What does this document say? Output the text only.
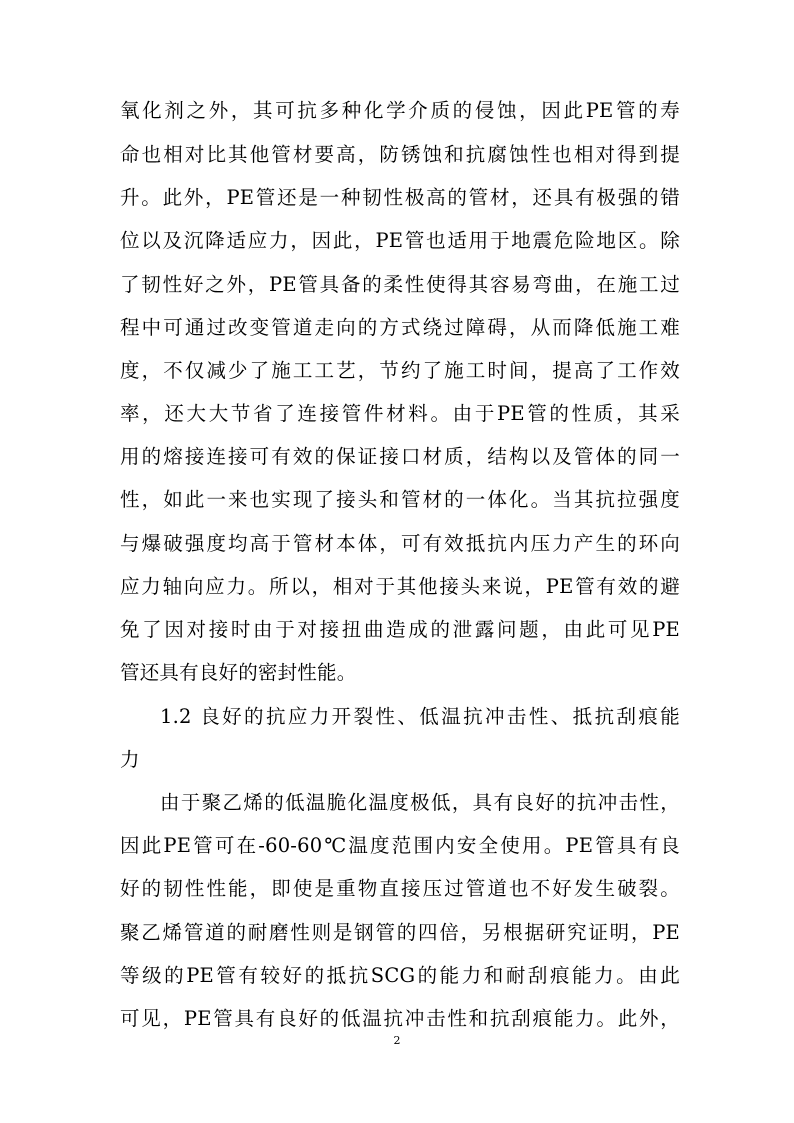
氧化剂之外，其可抗多种化学介质的侵蚀，因此PE管的寿
命也相对比其他管材要高，防锈蚀和抗腐蚀性也相对得到提
升。此外，PE管还是一种韧性极高的管材，还具有极强的错
位以及沉降适应力，因此，PE管也适用于地震危险地区。除
了韧性好之外，PE管具备的柔性使得其容易弯曲，在施工过
程中可通过改变管道走向的方式绕过障碍，从而降低施工难
度，不仅减少了施工工艺，节约了施工时间，提高了工作效
率，还大大节省了连接管件材料。由于PE管的性质，其采
用的熔接连接可有效的保证接口材质，结构以及管体的同一
性，如此一来也实现了接头和管材的一体化。当其抗拉强度
与爆破强度均高于管材本体，可有效抵抗内压力产生的环向
应力轴向应力。所以，相对于其他接头来说，PE管有效的避
免了因对接时由于对接扭曲造成的泄露问题，由此可见PE
管还具有良好的密封性能。
1.2 良好的抗应力开裂性、低温抗冲击性、抵抗刮痕能
力
由于聚乙烯的低温脆化温度极低，具有良好的抗冲击性，
因此PE管可在-60-60℃温度范围内安全使用。PE管具有良
好的韧性性能，即使是重物直接压过管道也不好发生破裂。
聚乙烯管道的耐磨性则是钢管的四倍，另根据研究证明，PE
等级的PE管有较好的抵抗SCG的能力和耐刮痕能力。由此
可见，PE管具有良好的低温抗冲击性和抗刮痕能力。此外，
2
